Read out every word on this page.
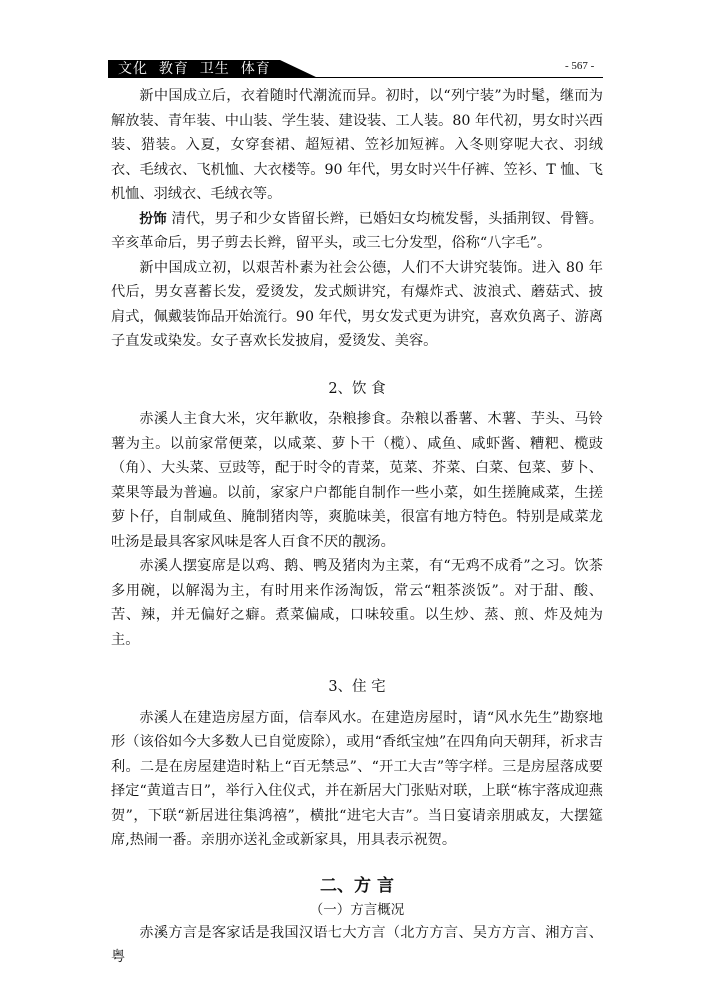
文化  教育  卫生  体育	- 567 -

新中国成立后，衣着随时代潮流而异。初时，以“列宁装”为时髦，继而为解放装、青年装、中山装、学生装、建设装、工人装。80 年代初，男女时兴西装、猎装。入夏，女穿套裙、超短裙、笠衫加短裤。入冬则穿呢大衣、羽绒衣、毛绒衣、飞机恤、大衣楼等。90 年代，男女时兴牛仔裤、笠衫、T 恤、飞机恤、羽绒衣、毛绒衣等。

扮饰 清代，男子和少女皆留长辫，已婚妇女均梳发髻，头插荆钗、骨簪。辛亥革命后，男子剪去长辫，留平头，或三七分发型，俗称“八字毛”。

新中国成立初，以艰苦朴素为社会公德，人们不大讲究装饰。进入 80 年代后，男女喜蓄长发，爱烫发，发式颇讲究，有爆炸式、波浪式、蘑菇式、披肩式，佩戴装饰品开始流行。90 年代，男女发式更为讲究，喜欢负离子、游离子直发或染发。女子喜欢长发披肩，爱烫发、美容。

2、饮 食

赤溪人主食大米，灾年歉收，杂粮掺食。杂粮以番薯、木薯、芋头、马铃薯为主。以前家常便菜，以咸菜、萝卜干（榄）、咸鱼、咸虾酱、糟粑、榄豉（角）、大头菜、豆豉等，配于时令的青菜，苋菜、芥菜、白菜、包菜、萝卜、菜果等最为普遍。以前，家家户户都能自制作一些小菜，如生搓腌咸菜，生搓萝卜仔，自制咸鱼、腌制猪肉等，爽脆味美，很富有地方特色。特别是咸菜龙吐汤是最具客家风味是客人百食不厌的靓汤。

赤溪人摆宴席是以鸡、鹅、鸭及猪肉为主菜，有“无鸡不成肴”之习。饮茶多用碗，以解渴为主，有时用来作汤淘饭，常云“粗茶淡饭”。对于甜、酸、苦、辣，并无偏好之癖。煮菜偏咸，口味较重。以生炒、蒸、煎、炸及炖为主。

3、住 宅

赤溪人在建造房屋方面，信奉风水。在建造房屋时，请“风水先生”勘察地形（该俗如今大多数人已自觉废除），或用“香纸宝烛”在四角向天朝拜，祈求吉利。二是在房屋建造时粘上“百无禁忌”、“开工大吉”等字样。三是房屋落成要择定“黄道吉日”，举行入住仪式，并在新居大门张贴对联，上联“栋宇落成迎燕贺”，下联“新居进往集鸿禧”，横批“进宅大吉”。当日宴请亲朋戚友，大摆筵席,热闹一番。亲朋亦送礼金或新家具，用具表示祝贺。

二、方 言
（一）方言概况

赤溪方言是客家话是我国汉语七大方言（北方方言、吴方方言、湘方言、粤
